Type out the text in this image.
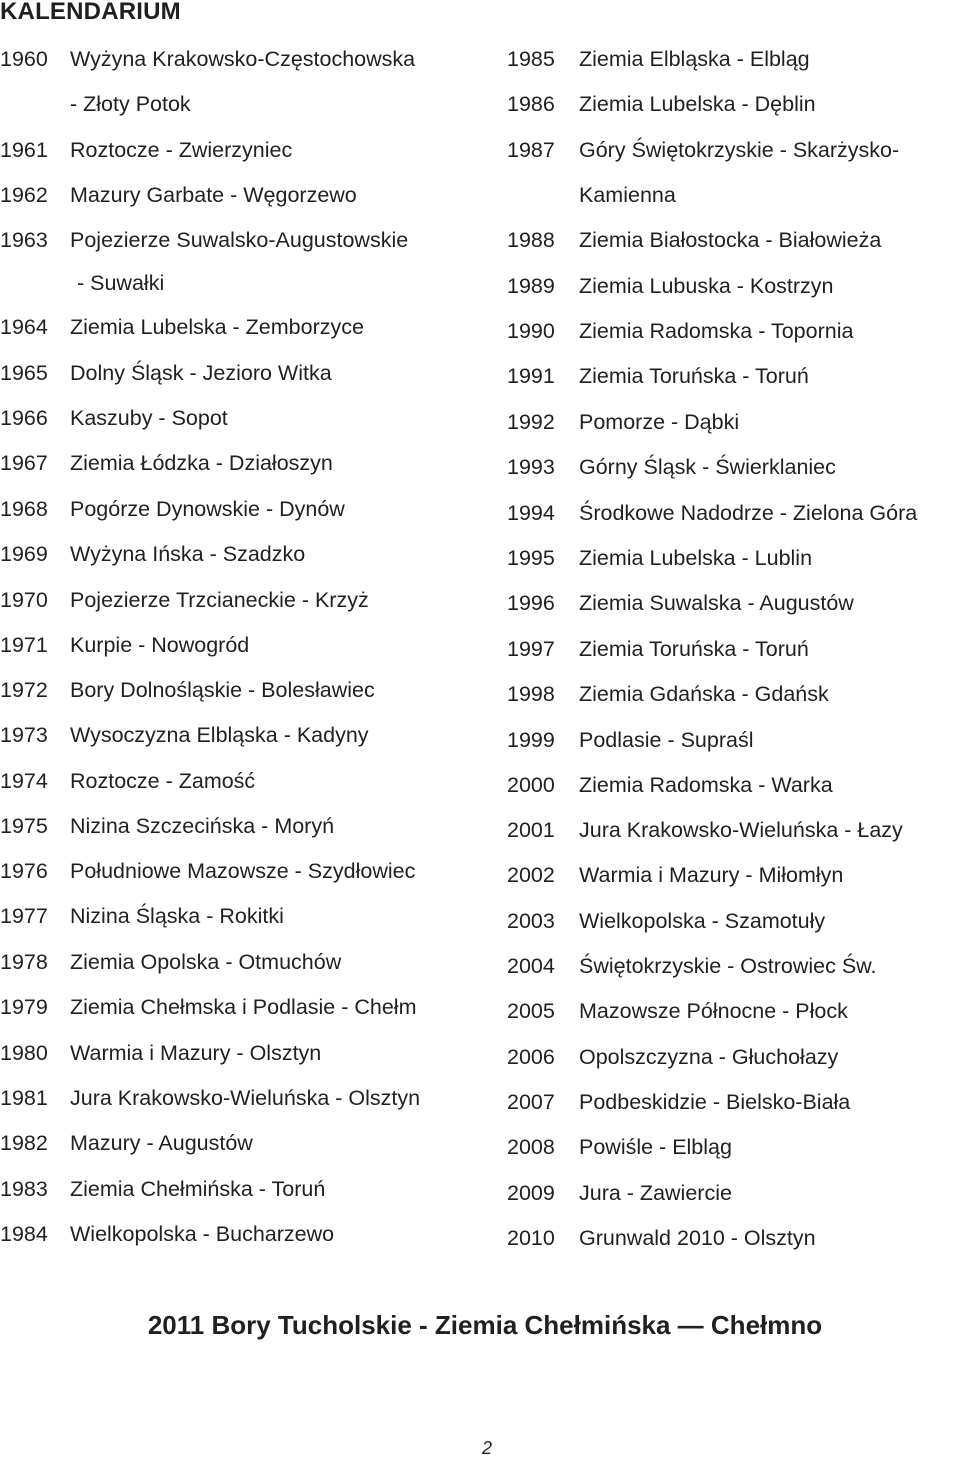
KALENDARIUM
1960 Wyżyna Krakowsko-Częstochowska
- Złoty Potok
1961 Roztocze - Zwierzyniec
1962 Mazury Garbate - Węgorzewo
1963 Pojezierze Suwalsko-Augustowskie
- Suwałki
1964 Ziemia Lubelska - Zemborzyce
1965 Dolny Śląsk - Jezioro Witka
1966 Kaszuby - Sopot
1967 Ziemia Łódzka - Działoszyn
1968 Pogórze Dynowskie - Dynów
1969 Wyżyna Ińska - Szadzko
1970 Pojezierze Trzcianeckie - Krzyż
1971 Kurpie - Nowogród
1972 Bory Dolnośląskie - Bolesławiec
1973 Wysoczyzna Elbląska - Kadyny
1974 Roztocze - Zamość
1975 Nizina Szczecińska - Moryń
1976 Południowe Mazowsze - Szydłowiec
1977 Nizina Śląska - Rokitki
1978 Ziemia Opolska - Otmuchów
1979 Ziemia Chełmska i Podlasie - Chełm
1980 Warmia i Mazury - Olsztyn
1981 Jura Krakowsko-Wieluńska - Olsztyn
1982 Mazury - Augustów
1983 Ziemia Chełmińska - Toruń
1984 Wielkopolska - Bucharzewo
1985 Ziemia Elbląska - Elbląg
1986 Ziemia Lubelska - Dęblin
1987 Góry Świętokrzyskie - Skarżysko-
Kamienna
1988 Ziemia Białostocka - Białowieża
1989 Ziemia Lubuska - Kostrzyn
1990 Ziemia Radomska - Topornia
1991 Ziemia Toruńska - Toruń
1992 Pomorze - Dąbki
1993 Górny Śląsk - Świerklaniec
1994 Środkowe Nadodrze - Zielona Góra
1995 Ziemia Lubelska - Lublin
1996 Ziemia Suwalska - Augustów
1997 Ziemia Toruńska - Toruń
1998 Ziemia Gdańska - Gdańsk
1999 Podlasie - Supraśl
2000 Ziemia Radomska - Warka
2001 Jura Krakowsko-Wieluńska - Łazy
2002 Warmia i Mazury - Miłomłyn
2003 Wielkopolska - Szamotuły
2004 Świętokrzyskie - Ostrowiec Św.
2005 Mazowsze Północne - Płock
2006 Opolszczyzna - Głuchołazy
2007 Podbeskidzie - Bielsko-Biała
2008 Powiśle - Elbląg
2009 Jura - Zawiercie
2010 Grunwald 2010 - Olsztyn
2011 Bory Tucholskie - Ziemia Chełmińska — Chełmno
2
